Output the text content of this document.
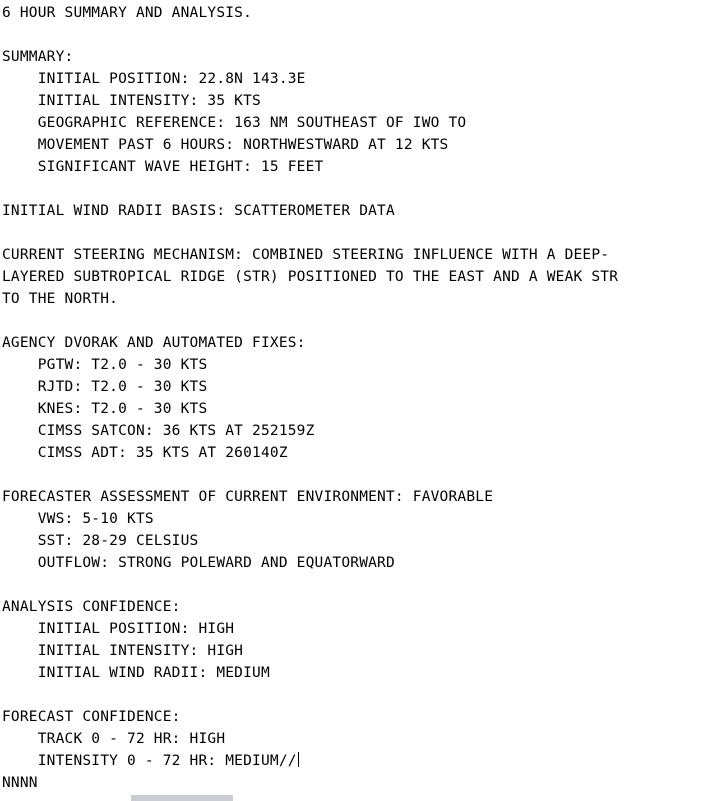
6 HOUR SUMMARY AND ANALYSIS.
SUMMARY:
INITIAL POSITION: 22.8N 143.3E
INITIAL INTENSITY: 35 KTS
GEOGRAPHIC REFERENCE: 163 NM SOUTHEAST OF IWO TO
MOVEMENT PAST 6 HOURS: NORTHWESTWARD AT 12 KTS
SIGNIFICANT WAVE HEIGHT: 15 FEET
INITIAL WIND RADII BASIS: SCATTEROMETER DATA
CURRENT STEERING MECHANISM: COMBINED STEERING INFLUENCE WITH A DEEP-
LAYERED SUBTROPICAL RIDGE (STR) POSITIONED TO THE EAST AND A WEAK STR
TO THE NORTH.
AGENCY DVORAK AND AUTOMATED FIXES:
PGTW: T2.0 - 30 KTS
RJTD: T2.0 - 30 KTS
KNES: T2.0 - 30 KTS
CIMSS SATCON: 36 KTS AT 252159Z
CIMSS ADT: 35 KTS AT 260140Z
FORECASTER ASSESSMENT OF CURRENT ENVIRONMENT: FAVORABLE
VWS: 5-10 KTS
SST: 28-29 CELSIUS
OUTFLOW: STRONG POLEWARD AND EQUATORWARD
ANALYSIS CONFIDENCE:
INITIAL POSITION: HIGH
INITIAL INTENSITY: HIGH
INITIAL WIND RADII: MEDIUM
FORECAST CONFIDENCE:
TRACK 0 - 72 HR: HIGH
INTENSITY 0 - 72 HR: MEDIUM//
NNNN
